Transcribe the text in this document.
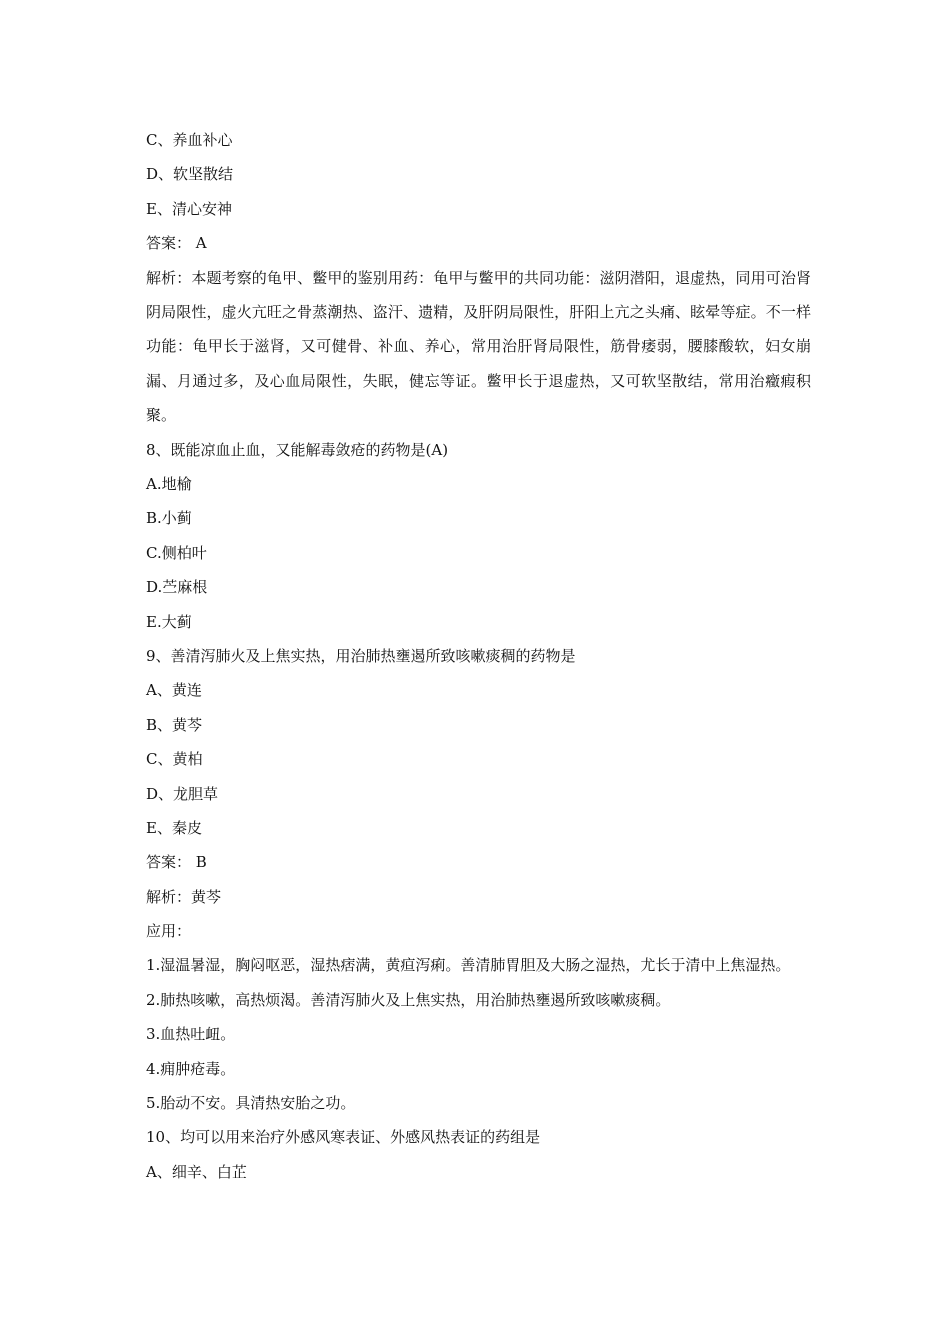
C、养血补心
D、软坚散结
E、清心安神
答案： A
解析：本题考察的龟甲、鳖甲的鉴别用药：龟甲与鳖甲的共同功能：滋阴潜阳，退虚热，同用可治肾阴局限性，虚火亢旺之骨蒸潮热、盗汗、遗精，及肝阴局限性，肝阳上亢之头痛、眩晕等症。不一样功能：龟甲长于滋肾，又可健骨、补血、养心，常用治肝肾局限性，筋骨痿弱，腰膝酸软，妇女崩漏、月通过多，及心血局限性，失眠，健忘等证。鳖甲长于退虚热，又可软坚散结，常用治癥瘕积聚。
8、既能凉血止血，又能解毒敛疮的药物是(A)
A.地榆
B.小蓟
C.侧柏叶
D.苎麻根
E.大蓟
9、善清泻肺火及上焦实热，用治肺热壅遏所致咳嗽痰稠的药物是
A、黄连
B、黄芩
C、黄柏
D、龙胆草
E、秦皮
答案： B
解析：黄芩
应用：
1.湿温暑湿，胸闷呕恶，湿热痞满，黄疸泻痢。善清肺胃胆及大肠之湿热，尤长于清中上焦湿热。
2.肺热咳嗽，高热烦渴。善清泻肺火及上焦实热，用治肺热壅遏所致咳嗽痰稠。
3.血热吐衄。
4.痈肿疮毒。
5.胎动不安。具清热安胎之功。
10、均可以用来治疗外感风寒表证、外感风热表证的药组是
A、细辛、白芷
